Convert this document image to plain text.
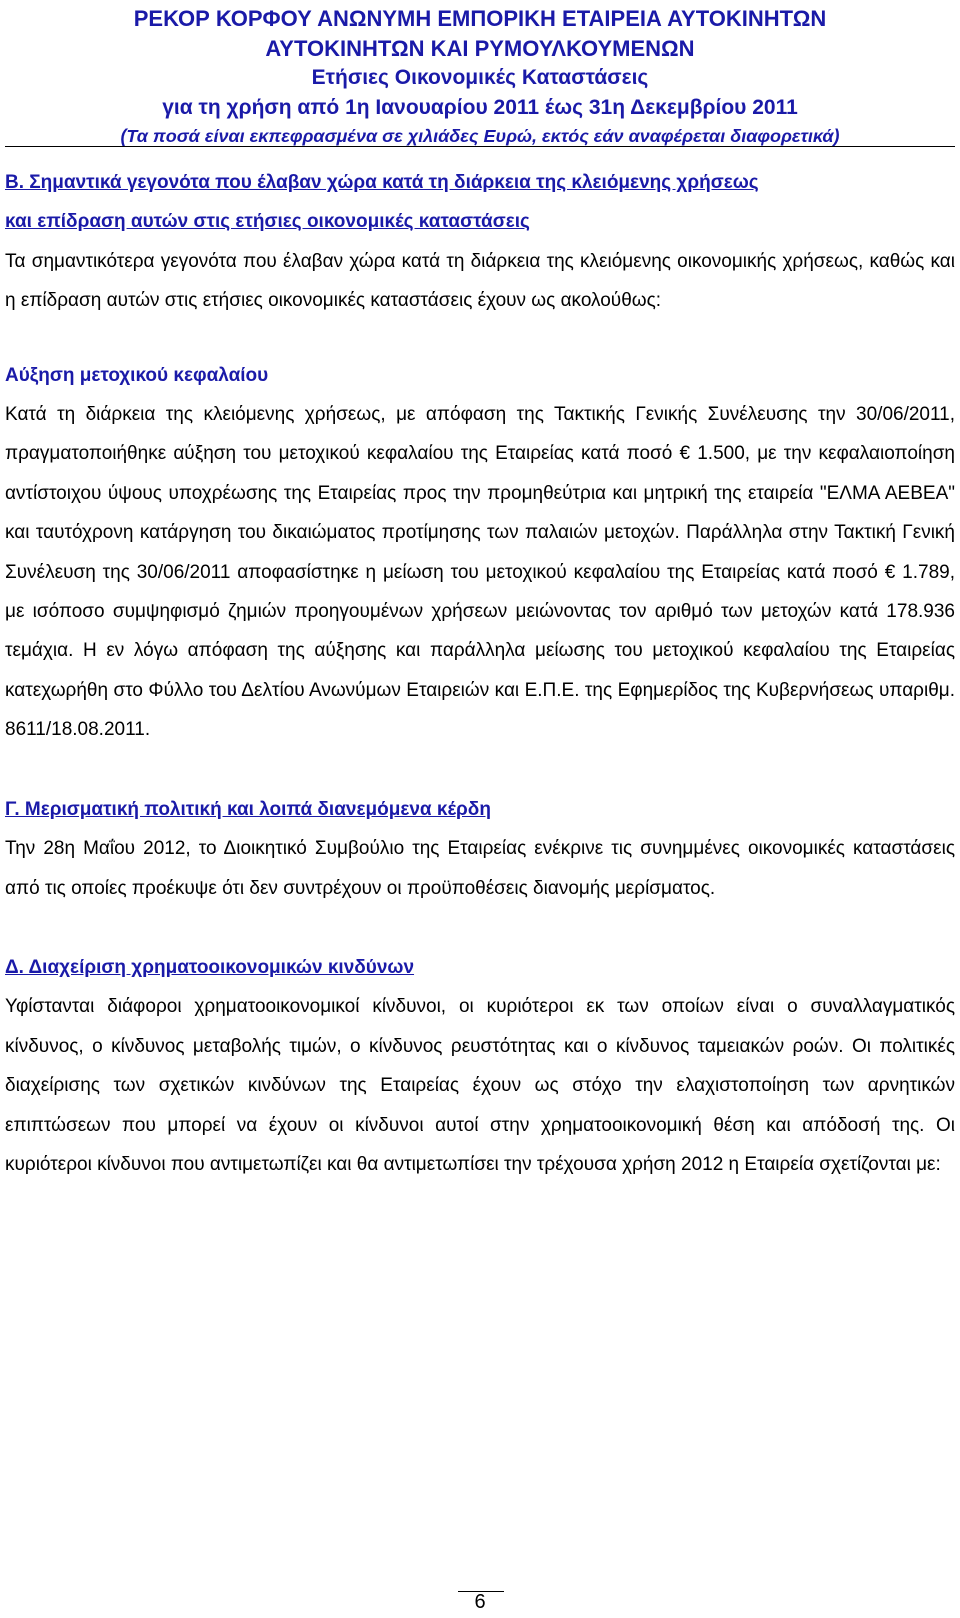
ΡΕΚΟΡ ΚΟΡΦΟΥ ΑΝΩΝΥΜΗ ΕΜΠΟΡΙΚΗ ΕΤΑΙΡΕΙΑ ΑΥΤΟΚΙΝΗΤΩΝ
ΑΥΤΟΚΙΝΗΤΩΝ ΚΑΙ ΡΥΜΟΥΛΚΟΥΜΕΝΩΝ
Ετήσιες Οικονομικές Καταστάσεις
για τη χρήση από 1η Ιανουαρίου 2011 έως 31η Δεκεμβρίου 2011
(Τα ποσά είναι εκπεφρασμένα σε χιλιάδες Ευρώ, εκτός εάν αναφέρεται διαφορετικά)
Β. Σημαντικά γεγονότα που έλαβαν χώρα κατά τη διάρκεια της κλειόμενης χρήσεως
και επίδραση αυτών στις ετήσιες οικονομικές καταστάσεις

Τα σημαντικότερα γεγονότα που έλαβαν χώρα κατά τη διάρκεια της κλειόμενης οικονομικής χρήσεως, καθώς και η επίδραση αυτών στις ετήσιες οικονομικές καταστάσεις έχουν ως ακολούθως:

Αύξηση μετοχικού κεφαλαίου

Κατά τη διάρκεια της κλειόμενης χρήσεως, με απόφαση της Τακτικής Γενικής Συνέλευσης την 30/06/2011, πραγματοποιήθηκε αύξηση του μετοχικού κεφαλαίου της Εταιρείας κατά ποσό € 1.500, με την κεφαλαιοποίηση αντίστοιχου ύψους υποχρέωσης της Εταιρείας προς την προμηθεύτρια και μητρική της εταιρεία "ΕΛΜΑ ΑΕΒΕΑ" και ταυτόχρονη κατάργηση του δικαιώματος προτίμησης των παλαιών μετοχών. Παράλληλα στην Τακτική Γενική Συνέλευση της 30/06/2011 αποφασίστηκε η μείωση του μετοχικού κεφαλαίου της Εταιρείας κατά ποσό € 1.789, με ισόποσο συμψηφισμό ζημιών προηγουμένων χρήσεων μειώνοντας τον αριθμό των μετοχών κατά 178.936 τεμάχια. Η εν λόγω απόφαση της αύξησης και παράλληλα μείωσης του μετοχικού κεφαλαίου της Εταιρείας κατεχωρήθη στο Φύλλο του Δελτίου Ανωνύμων Εταιρειών και Ε.Π.Ε. της Εφημερίδος της Κυβερνήσεως υπαριθμ. 8611/18.08.2011.

Γ. Μερισματική πολιτική και λοιπά διανεμόμενα κέρδη

Την 28η Μαΐου 2012, το Διοικητικό Συμβούλιο της Εταιρείας ενέκρινε τις συνημμένες οικονομικές καταστάσεις από τις οποίες προέκυψε ότι δεν συντρέχουν οι προϋποθέσεις διανομής μερίσματος.

Δ. Διαχείριση χρηματοοικονομικών κινδύνων

Υφίστανται διάφοροι χρηματοοικονομικοί κίνδυνοι, οι κυριότεροι εκ των οποίων είναι ο συναλλαγματικός κίνδυνος, ο κίνδυνος μεταβολής τιμών, ο κίνδυνος ρευστότητας και ο κίνδυνος ταμειακών ροών. Οι πολιτικές διαχείρισης των σχετικών κινδύνων της Εταιρείας έχουν ως στόχο την ελαχιστοποίηση των αρνητικών επιπτώσεων που μπορεί να έχουν οι κίνδυνοι αυτοί στην χρηματοοικονομική θέση και απόδοσή της. Οι κυριότεροι κίνδυνοι που αντιμετωπίζει και θα αντιμετωπίσει την τρέχουσα χρήση 2012 η Εταιρεία σχετίζονται με:

6
